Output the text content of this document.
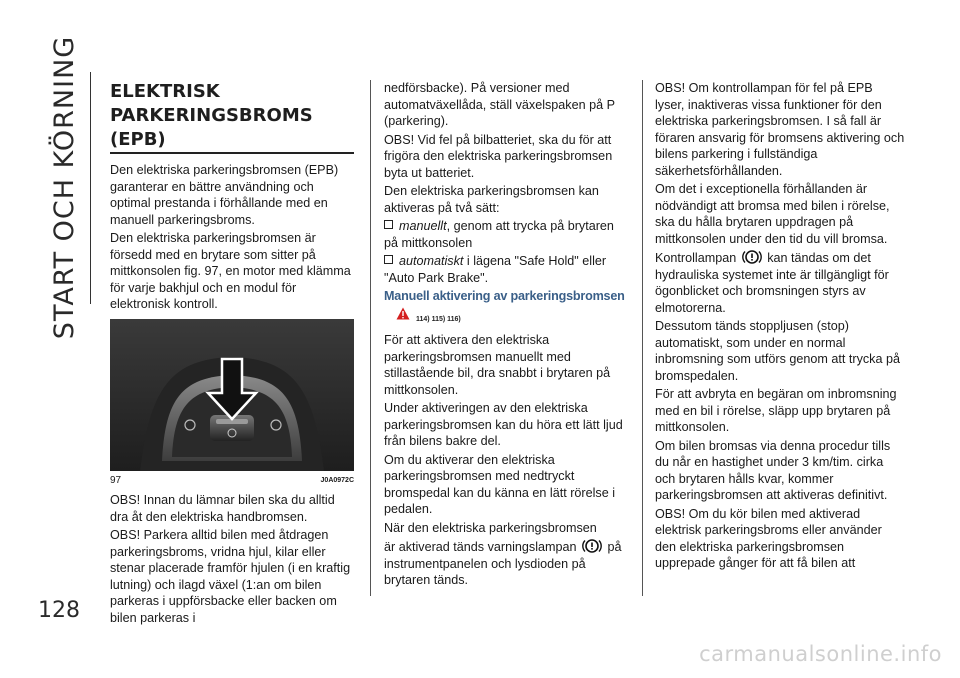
START OCH KÖRNING
128
ELEKTRISK
PARKERINGSBROMS (EPB)

Den elektriska parkeringsbromsen (EPB) garanterar en bättre användning och optimal prestanda i förhållande med en manuell parkeringsbroms.

Den elektriska parkeringsbromsen är försedd med en brytare som sitter på mittkonsolen fig. 97, en motor med klämma för varje bakhjul och en modul för elektronisk kontroll.

97	J0A0972C

OBS! Innan du lämnar bilen ska du alltid dra åt den elektriska handbromsen.

OBS! Parkera alltid bilen med åtdragen parkeringsbroms, vridna hjul, kilar eller stenar placerade framför hjulen (i en kraftig lutning) och ilagd växel (1:an om bilen parkeras i uppförsbacke eller backen om bilen parkeras i

nedförsbacke). På versioner med automatväxellåda, ställ växelspaken på P (parkering).

OBS! Vid fel på bilbatteriet, ska du för att frigöra den elektriska parkeringsbromsen byta ut batteriet.

Den elektriska parkeringsbromsen kan aktiveras på två sätt:

manuellt, genom att trycka på brytaren på mittkonsolen

automatiskt i lägena "Safe Hold" eller "Auto Park Brake".

Manuell aktivering av parkeringsbromsen
114) 115) 116)

För att aktivera den elektriska parkeringsbromsen manuellt med stillastående bil, dra snabbt i brytaren på mittkonsolen.

Under aktiveringen av den elektriska parkeringsbromsen kan du höra ett lätt ljud från bilens bakre del.

Om du aktiverar den elektriska parkeringsbromsen med nedtryckt bromspedal kan du känna en lätt rörelse i pedalen.

När den elektriska parkeringsbromsen

är aktiverad tänds varningslampan på instrumentpanelen och lysdioden på brytaren tänds.

OBS! Om kontrollampan för fel på EPB lyser, inaktiveras vissa funktioner för den elektriska parkeringsbromsen. I så fall är föraren ansvarig för bromsens aktivering och bilens parkering i fullständiga säkerhetsförhållanden.

Om det i exceptionella förhållanden är nödvändigt att bromsa med bilen i rörelse, ska du hålla brytaren uppdragen på mittkonsolen under den tid du vill bromsa.

Kontrollampan kan tändas om det hydrauliska systemet inte är tillgängligt för ögonblicket och bromsningen styrs av elmotorerna.

Dessutom tänds stoppljusen (stop) automatiskt, som under en normal inbromsning som utförs genom att trycka på bromspedalen.

För att avbryta en begäran om inbromsning med en bil i rörelse, släpp upp brytaren på mittkonsolen.

Om bilen bromsas via denna procedur tills du når en hastighet under 3 km/tim. cirka och brytaren hålls kvar, kommer parkeringsbromsen att aktiveras definitivt.

OBS! Om du kör bilen med aktiverad elektrisk parkeringsbroms eller använder den elektriska parkeringsbromsen upprepade gånger för att få bilen att

carmanualsonline.info
